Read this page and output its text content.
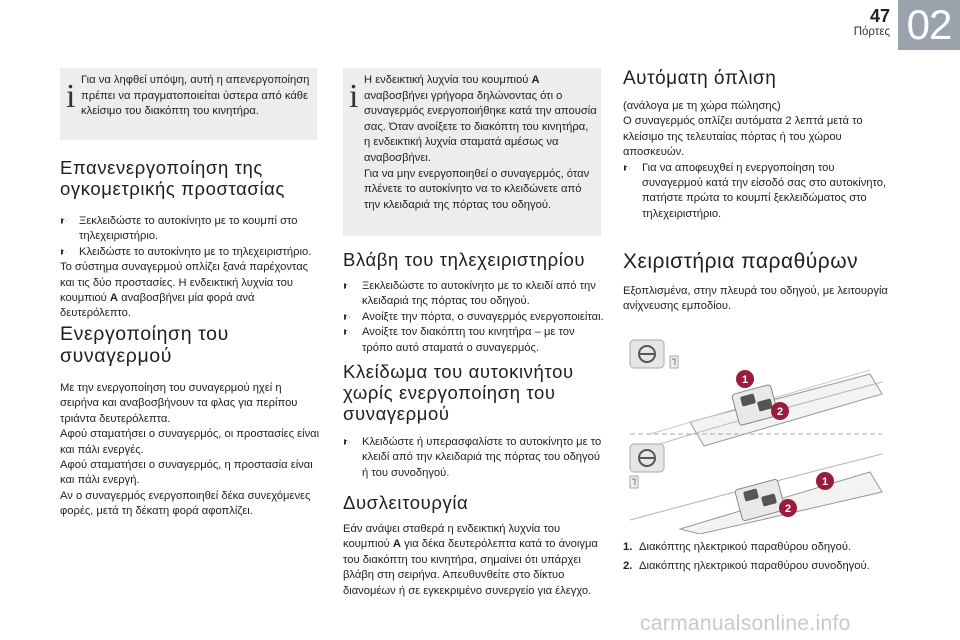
47
Πόρτες 02
i Για να ληφθεί υπόψη, αυτή η απενεργοποίηση πρέπει να πραγματοποιείται ύστερα από κάθε κλείσιμο του διακόπτη του κινητήρα.
Επανενεργοποίηση της
ογκομετρικής προστασίας
Ξεκλειδώστε το αυτοκίνητο με το κουμπί στο τηλεχειριστήριο.
Κλειδώστε το αυτοκίνητο με το τηλεχειριστήριο.

Το σύστημα συναγερμού οπλίζει ξανά παρέχοντας και τις δύο προστασίες. Η ενδεικτική λυχνία του κουμπιού A αναβοσβήνει μία φορά ανά δευτερόλεπτο.

Ενεργοποίηση του
συναγερμού

Με την ενεργοποίηση του συναγερμού ηχεί η σειρήνα και αναβοσβήνουν τα φλας για περίπου τριάντα δευτερόλεπτα.

Αφού σταματήσει ο συναγερμός, οι προστασίες είναι και πάλι ενεργές.

Αφού σταματήσει ο συναγερμός, η προστασία είναι και πάλι ενεργή.

Αν ο συναγερμός ενεργοποιηθεί δέκα συνεχόμενες φορές, μετά τη δέκατη φορά αφοπλίζει.

i Η ενδεικτική λυχνία του κουμπιού A αναβοσβήνει γρήγορα δηλώνοντας ότι ο συναγερμός ενεργοποιήθηκε κατά την απουσία σας. Όταν ανοίξετε το διακόπτη του κινητήρα, η ενδεικτική λυχνία σταματά αμέσως να αναβοσβήνει.

Για να μην ενεργοποιηθεί ο συναγερμός, όταν πλένετε το αυτοκίνητο να το κλειδώνετε από την κλειδαριά της πόρτας του οδηγού.

Βλάβη του τηλεχειριστηρίου
Ξεκλειδώστε το αυτοκίνητο με το κλειδί από την κλειδαριά της πόρτας του οδηγού.
Ανοίξτε την πόρτα, ο συναγερμός ενεργοποιείται.
Ανοίξτε τον διακόπτη του κινητήρα – με τον τρόπο αυτό σταματά ο συναγερμός.
Κλείδωμα του αυτοκινήτου
χωρίς ενεργοποίηση του
συναγερμού
Κλειδώστε ή υπερασφαλίστε το αυτοκίνητο με το κλειδί από την κλειδαριά της πόρτας του οδηγού ή του συνοδηγού.
Δυσλειτουργία

Εάν ανάψει σταθερά η ενδεικτική λυχνία του κουμπιού A για δέκα δευτερόλεπτα κατά το άνοιγμα του διακόπτη του κινητήρα, σημαίνει ότι υπάρχει βλάβη στη σειρήνα. Απευθυνθείτε στο δίκτυο διανομέων ή σε εγκεκριμένο συνεργείο για έλεγχο.

Αυτόματη όπλιση

(ανάλογα με τη χώρα πώλησης)
Ο συναγερμός οπλίζει αυτόματα 2 λεπτά μετά το κλείσιμο της τελευταίας πόρτας ή του χώρου αποσκευών.

Για να αποφευχθεί η ενεργοποίηση του συναγερμού κατά την είσοδό σας στο αυτοκίνητο, πατήστε πρώτα το κουμπί ξεκλειδώματος στο τηλεχειριστήριο.
Χειριστήρια παραθύρων

Εξοπλισμένα, στην πλευρά του οδηγού, με λειτουργία ανίχνευσης εμποδίου.

1
2
1
2
1. Διακόπτης ηλεκτρικού παραθύρου οδηγού.
2. Διακόπτης ηλεκτρικού παραθύρου συνοδηγού.
carmanualsonline.info
